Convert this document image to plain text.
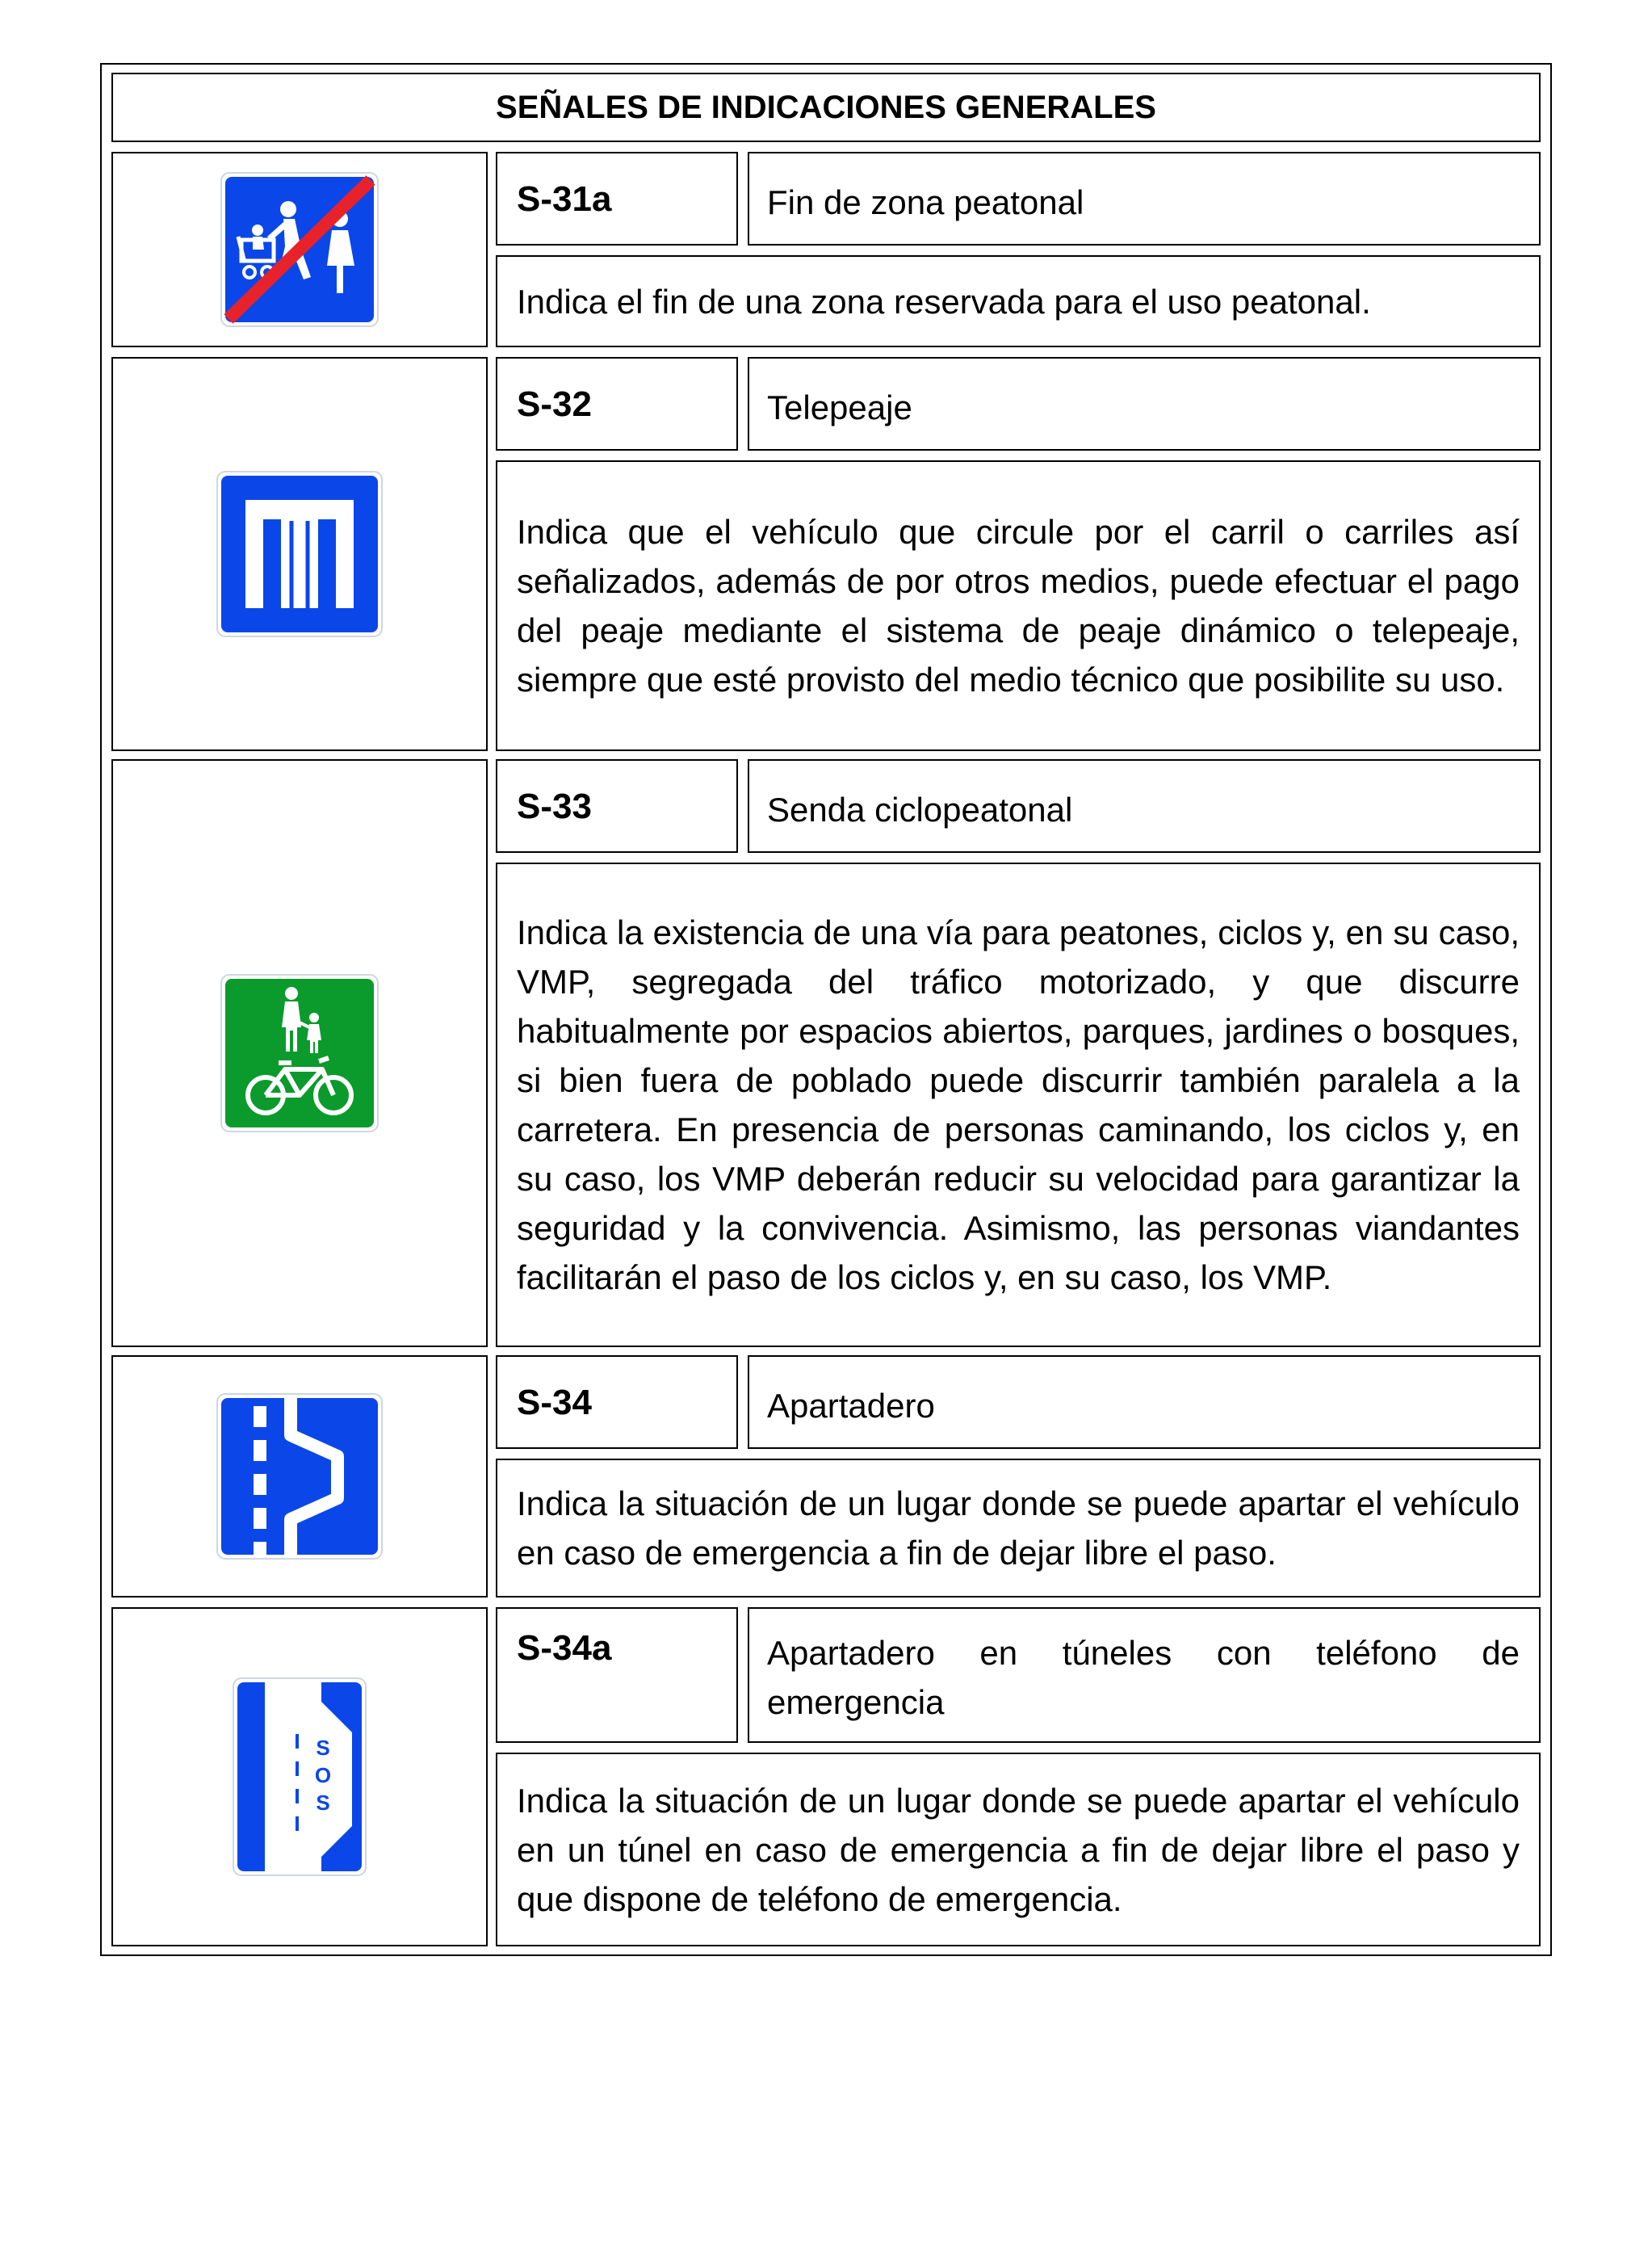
SEÑALES DE INDICACIONES GENERALES
S-31a	Fin de zona peatonal
Indica el fin de una zona reservada para el uso peatonal.
S-32	Telepeaje
Indica que el vehículo que circule por el carril o carriles así señalizados, además de por otros medios, puede efectuar el pago del peaje mediante el sistema de peaje dinámico o telepeaje, siempre que esté provisto del medio técnico que posibilite su uso.
S-33	Senda ciclopeatonal
Indica la existencia de una vía para peatones, ciclos y, en su caso, VMP, segregada del tráfico motorizado, y que discurre habitualmente por espacios abiertos, parques, jardines o bosques, si bien fuera de poblado puede discurrir también paralela a la carretera. En presencia de personas caminando, los ciclos y, en su caso, los VMP deberán reducir su velocidad para garantizar la seguridad y la convivencia. Asimismo, las personas viandantes facilitarán el paso de los ciclos y, en su caso, los VMP.
S-34	Apartadero
Indica la situación de un lugar donde se puede apartar el vehículo en caso de emergencia a fin de dejar libre el paso.
S
O
S
S-34a	Apartadero en túneles con teléfono de emergencia
Indica la situación de un lugar donde se puede apartar el vehículo en un túnel en caso de emergencia a fin de dejar libre el paso y que dispone de teléfono de emergencia.
